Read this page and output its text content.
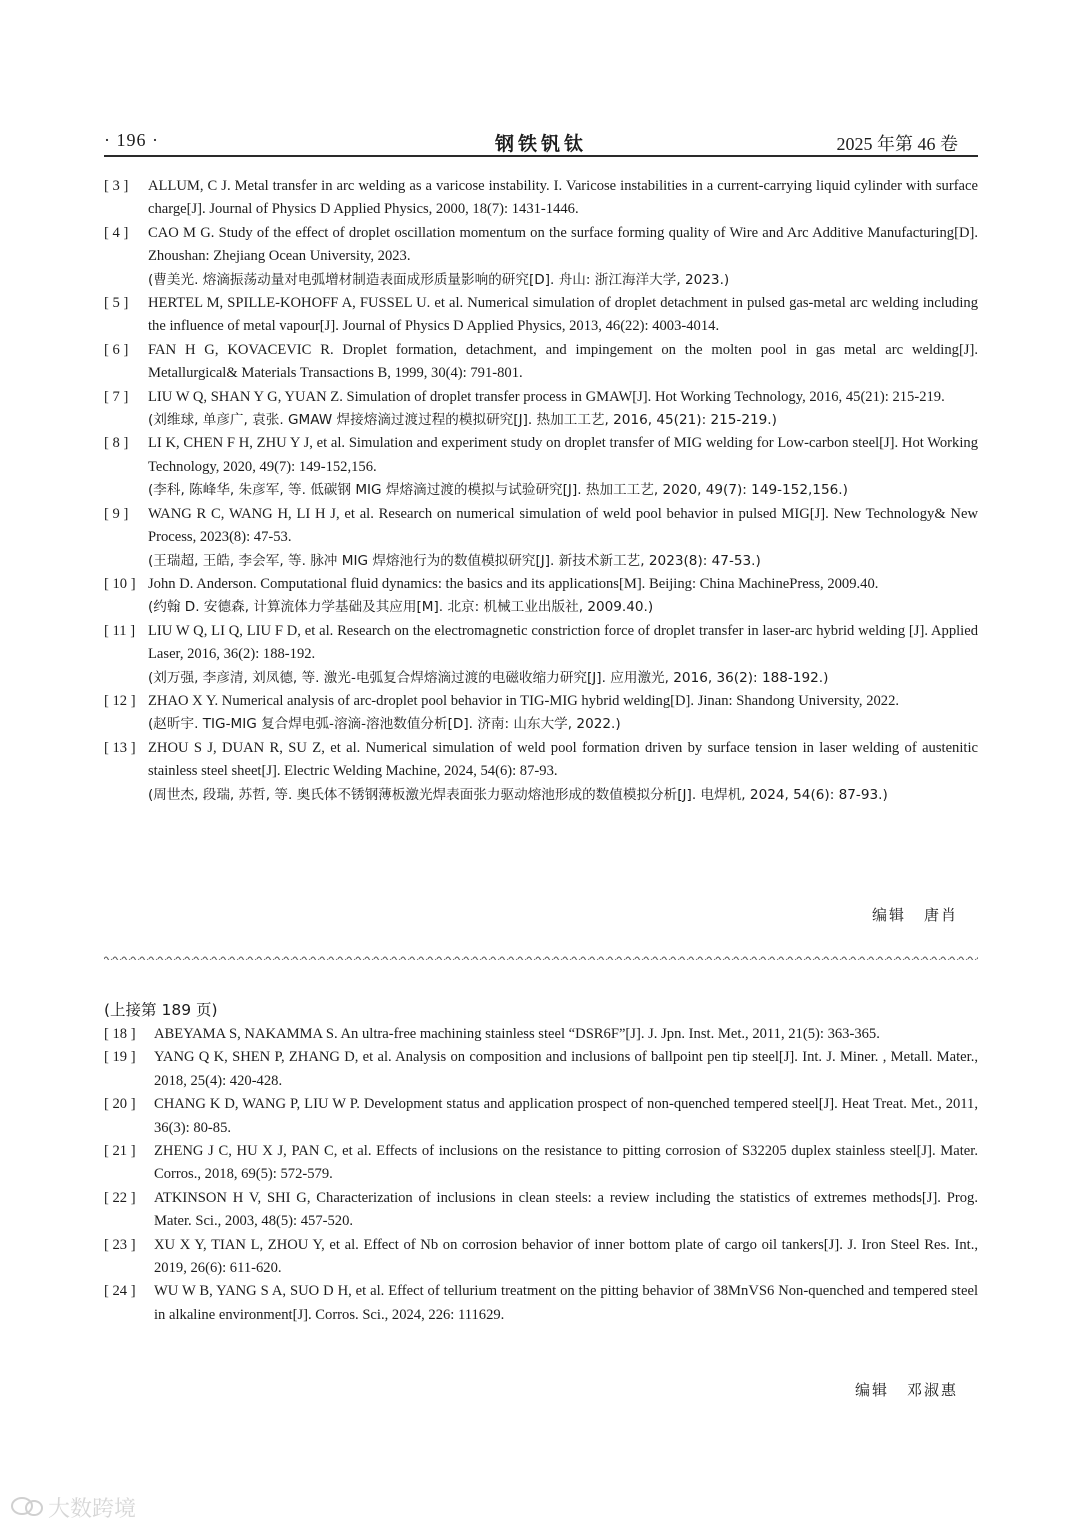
· 196 ·	钢铁钒钛	2025 年第 46 卷
[ 3 ]	ALLUM, C J. Metal transfer in arc welding as a varicose instability. I. Varicose instabilities in a current-carrying liquid cylinder with surface charge[J]. Journal of Physics D Applied Physics, 2000, 18(7): 1431-1446.
[ 4 ]	CAO M G. Study of the effect of droplet oscillation momentum on the surface forming quality of Wire and Arc Additive Manufacturing[D]. Zhoushan: Zhejiang Ocean University, 2023.
(曹美光. 熔滴振荡动量对电弧增材制造表面成形质量影响的研究[D]. 舟山: 浙江海洋大学, 2023.)
[ 5 ]	HERTEL M, SPILLE-KOHOFF A, FUSSEL U. et al. Numerical simulation of droplet detachment in pulsed gas-metal arc welding including the influence of metal vapour[J]. Journal of Physics D Applied Physics, 2013, 46(22): 4003-4014.
[ 6 ]	FAN H G, KOVACEVIC R. Droplet formation, detachment, and impingement on the molten pool in gas metal arc welding[J]. Metallurgical& Materials Transactions B, 1999, 30(4): 791-801.
[ 7 ]	LIU W Q, SHAN Y G, YUAN Z. Simulation of droplet transfer process in GMAW[J]. Hot Working Technology, 2016, 45(21): 215-219.
(刘维球, 单彦广, 袁张. GMAW 焊接熔滴过渡过程的模拟研究[J]. 热加工工艺, 2016, 45(21): 215-219.)
[ 8 ]	LI K, CHEN F H, ZHU Y J, et al. Simulation and experiment study on droplet transfer of MIG welding for Low-carbon steel[J]. Hot Working Technology, 2020, 49(7): 149-152,156.
(李科, 陈峰华, 朱彦军, 等. 低碳钢 MIG 焊熔滴过渡的模拟与试验研究[J]. 热加工工艺, 2020, 49(7): 149-152,156.)
[ 9 ]	WANG R C, WANG H, LI H J, et al. Research on numerical simulation of weld pool behavior in pulsed MIG[J]. New Technology& New Process, 2023(8): 47-53.
(王瑞超, 王皓, 李会军, 等. 脉冲 MIG 焊熔池行为的数值模拟研究[J]. 新技术新工艺, 2023(8): 47-53.)
[ 10 ] John D. Anderson. Computational fluid dynamics: the basics and its applications[M]. Beijing: China MachinePress, 2009.40.
(约翰 D. 安德森, 计算流体力学基础及其应用[M]. 北京: 机械工业出版社, 2009.40.)
[ 11 ] LIU W Q, LI Q, LIU F D, et al. Research on the electromagnetic constriction force of droplet transfer in laser-arc hybrid welding [J]. Applied Laser, 2016, 36(2): 188-192.
(刘万强, 李彦清, 刘凤德, 等. 激光-电弧复合焊熔滴过渡的电磁收缩力研究[J]. 应用激光, 2016, 36(2): 188-192.)
[ 12 ] ZHAO X Y. Numerical analysis of arc-droplet pool behavior in TIG-MIG hybrid welding[D]. Jinan: Shandong University, 2022.
(赵昕宇. TIG-MIG 复合焊电弧-溶滴-溶池数值分析[D]. 济南: 山东大学, 2022.)
[ 13 ] ZHOU S J, DUAN R, SU Z, et al. Numerical simulation of weld pool formation driven by surface tension in laser welding of austenitic stainless steel sheet[J]. Electric Welding Machine, 2024, 54(6): 87-93.
(周世杰, 段瑞, 苏哲, 等. 奥氏体不锈钢薄板激光焊表面张力驱动熔池形成的数值模拟分析[J]. 电焊机, 2024, 54(6): 87-93.)
编辑 唐肖
(上接第 189 页)
[ 18 ]	ABEYAMA S, NAKAMMA S. An ultra-free machining stainless steel “DSR6F”[J]. J. Jpn. Inst. Met., 2011, 21(5): 363-365.
[ 19 ]	YANG Q K, SHEN P, ZHANG D, et al. Analysis on composition and inclusions of ballpoint pen tip steel[J]. Int. J. Miner. , Metall. Mater., 2018, 25(4): 420-428.
[ 20 ]	CHANG K D, WANG P, LIU W P. Development status and application prospect of non-quenched tempered steel[J]. Heat Treat. Met., 2011, 36(3): 80-85.
[ 21 ]	ZHENG J C, HU X J, PAN C, et al. Effects of inclusions on the resistance to pitting corrosion of S32205 duplex stainless steel[J]. Mater. Corros., 2018, 69(5): 572-579.
[ 22 ]	ATKINSON H V, SHI G, Characterization of inclusions in clean steels: a review including the statistics of extremes methods[J]. Prog. Mater. Sci., 2003, 48(5): 457-520.
[ 23 ]	XU X Y, TIAN L, ZHOU Y, et al. Effect of Nb on corrosion behavior of inner bottom plate of cargo oil tankers[J]. J. Iron Steel Res. Int., 2019, 26(6): 611-620.
[ 24 ]	WU W B, YANG S A, SUO D H, et al. Effect of tellurium treatment on the pitting behavior of 38MnVS6 Non-quenched and tempered steel in alkaline environment[J]. Corros. Sci., 2024, 226: 111629.
编辑 邓淑惠
大数跨境
